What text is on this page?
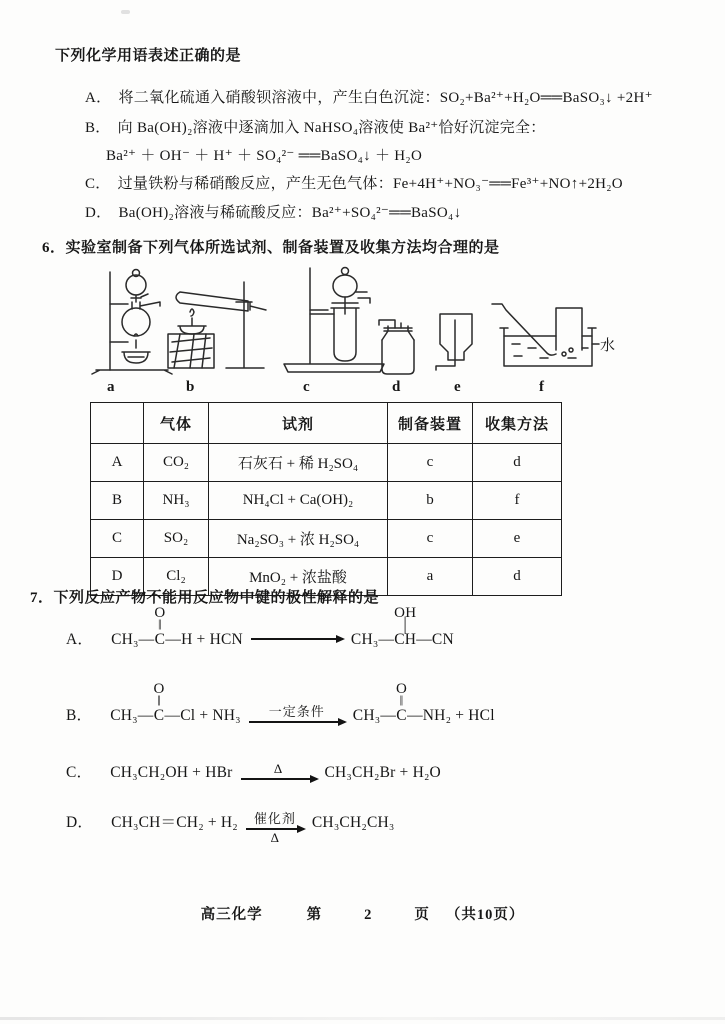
下列化学用语表述正确的是
A． 将二氧化硫通入硝酸钡溶液中，产生白色沉淀：SO₂+Ba²⁺+H₂O══BaSO₃↓ +2H⁺
B． 向 Ba(OH)₂溶液中逐滴加入 NaHSO₄溶液使 Ba²⁺恰好沉淀完全：
Ba²⁺ ＋ OH⁻ ＋ H⁺ ＋ SO₄²⁻ ══BaSO₄↓ ＋ H₂O
C． 过量铁粉与稀硝酸反应，产生无色气体：Fe+4H⁺+NO₃⁻══Fe³⁺+NO↑+2H₂O
D． Ba(OH)₂溶液与稀硫酸反应：Ba²⁺+SO₄²⁻══BaSO₄↓
6．实验室制备下列气体所选试剂、制备装置及收集方法均合理的是
水
a	b	c	d	e	f
	气体	试剂	制备装置	收集方法
A	CO₂	石灰石 + 稀 H₂SO₄	c	d
B	NH₃	NH₄Cl + Ca(OH)₂	b	f
C	SO₂	Na₂SO₃ + 浓 H₂SO₄	c	e
D	Cl₂	MnO₂ + 浓盐酸	a	d
7．下列反应产物不能用反应物中键的极性解释的是
A． CH₃—
O
‖
C —H + HCN	CH₃—
OH
│
CH —CN
B． CH₃—
O
‖
C —Cl + NH₃	一定条件	CH₃—
O
‖
C —NH₂ + HCl
C． CH₃CH₂OH + HBr	Δ	CH₃CH₂Br + H₂O
D． CH₃CH＝CH₂ + H₂	催化剂
Δ
CH₃CH₂CH₃
高三化学	第	2	页 （共10页）
